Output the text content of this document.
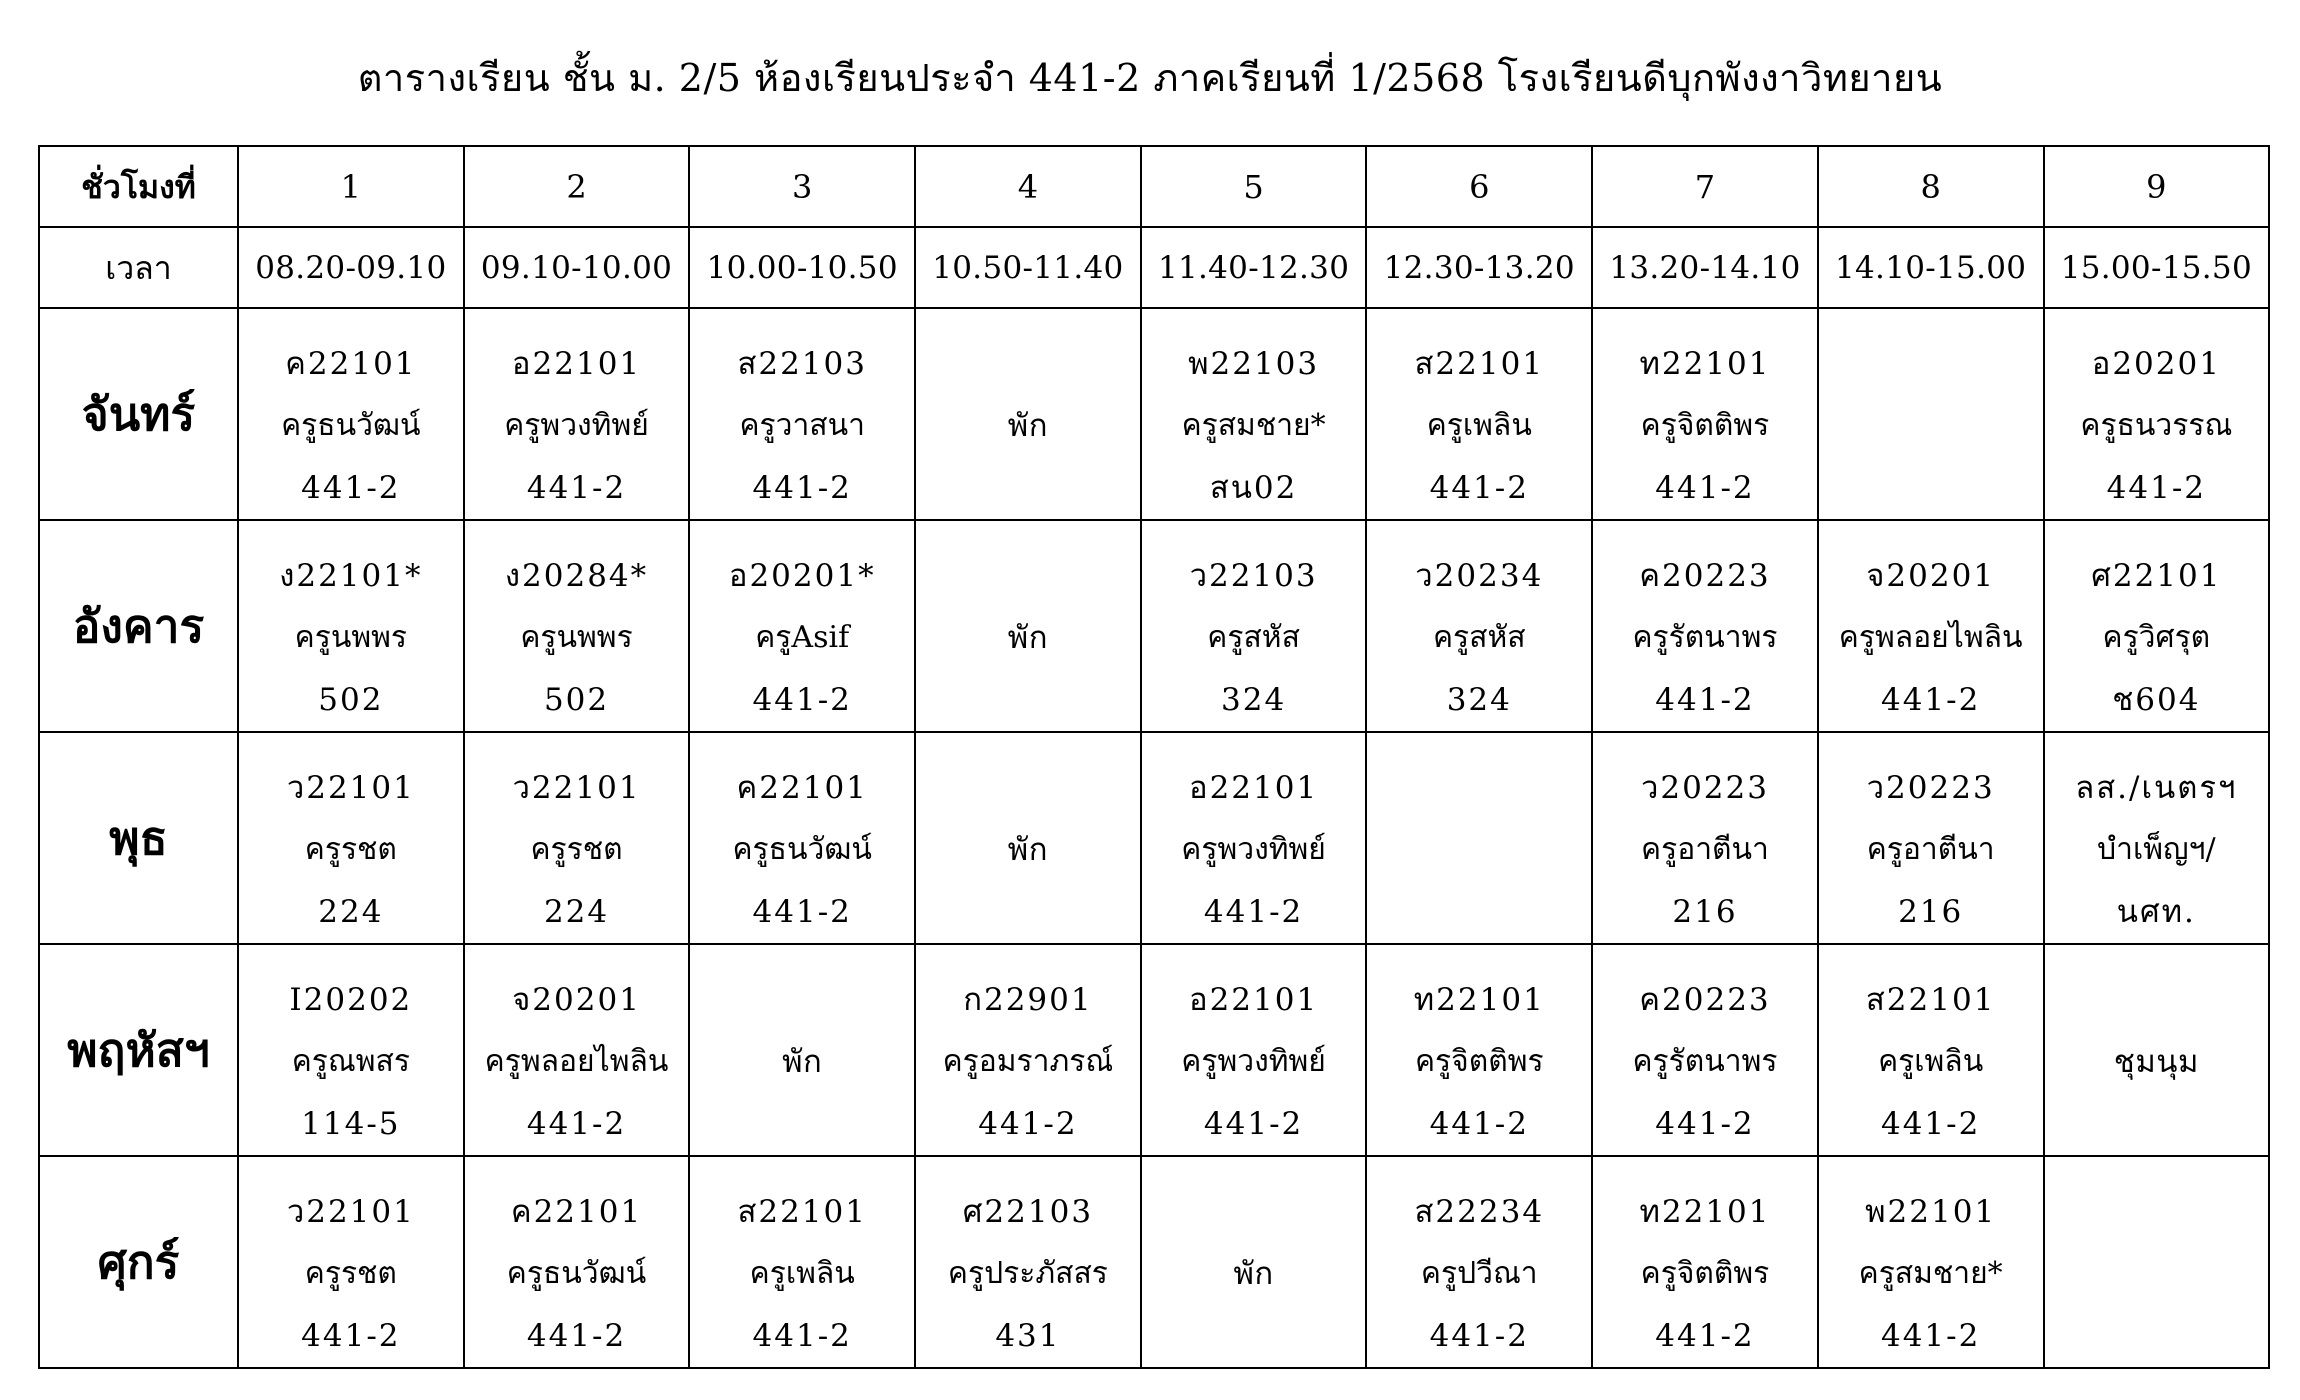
ตารางเรียน ชั้น ม. 2/5 ห้องเรียนประจำ 441-2 ภาคเรียนที่ 1/2568 โรงเรียนดีบุกพังงาวิทยายน
ชั่วโมงที่	1	2	3	4	5	6	7	8	9
เวลา	08.20-09.10	09.10-10.00	10.00-10.50	10.50-11.40	11.40-12.30	12.30-13.20	13.20-14.10	14.10-15.00	15.00-15.50
จันทร์	ค22101
ครูธนวัฒน์
441-2	อ22101
ครูพวงทิพย์
441-2	ส22103
ครูวาสนา
441-2	พัก	พ22103
ครูสมชาย*
สน02	ส22101
ครูเพลิน
441-2	ท22101
ครูจิตติพร
441-2		อ20201
ครูธนวรรณ
441-2

อังคาร	ง22101*
ครูนพพร
502	ง20284*
ครูนพพร
502	อ20201*
ครูAsif
441-2	พัก	ว22103
ครูสหัส
324	ว20234
ครูสหัส
324	ค20223
ครูรัตนาพร
441-2	จ20201
ครูพลอยไพลิน
441-2	ศ22101
ครูวิศรุต
ช604

พุธ	ว22101
ครูรชต
224	ว22101
ครูรชต
224	ค22101
ครูธนวัฒน์
441-2	พัก	อ22101
ครูพวงทิพย์
441-2		ว20223
ครูอาตีนา
216	ว20223
ครูอาตีนา
216	ลส./เนตรฯ
บำเพ็ญฯ/
นศท.

พฤหัสฯ	I20202
ครูณพสร
114-5	จ20201
ครูพลอยไพลิน
441-2	พัก	ก22901
ครูอมราภรณ์
441-2	อ22101
ครูพวงทิพย์
441-2	ท22101
ครูจิตติพร
441-2	ค20223
ครูรัตนาพร
441-2	ส22101
ครูเพลิน
441-2	ชุมนุม

ศุกร์	ว22101
ครูรชต
441-2	ค22101
ครูธนวัฒน์
441-2	ส22101
ครูเพลิน
441-2	ศ22103
ครูประภัสสร
431	พัก	ส22234
ครูปวีณา
441-2	ท22101
ครูจิตติพร
441-2	พ22101
ครูสมชาย*
441-2	
